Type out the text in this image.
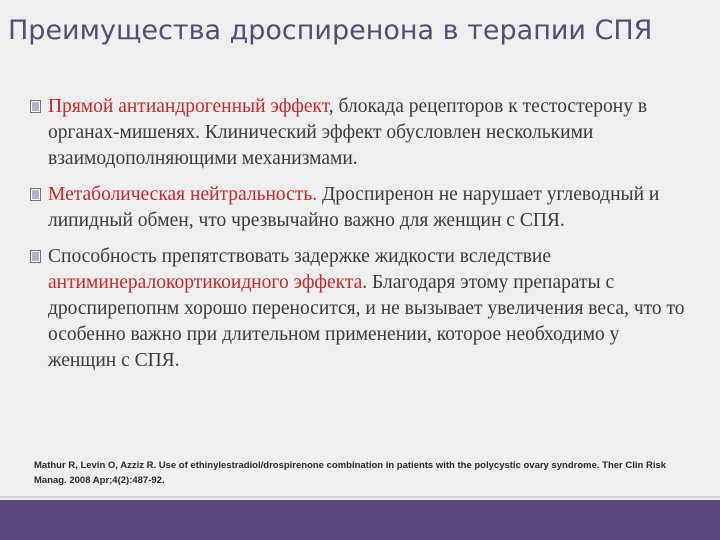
Преимущества дроспиренона в терапии СПЯ
Прямой антиандрогенный эффект, блокада рецепторов к тестостерону в органах-мишенях. Клинический эффект обусловлен несколькими взаимодополняющими механизмами.
Метаболическая нейтральность. Дроспиренон не нарушает углеводный и липидный обмен, что чрезвычайно важно для женщин с СПЯ.
Способность препятствовать задержке жидкости вследствие антиминералокортикоидного эффекта. Благодаря этому препараты с дроспирепопнм хорошо переносится, и не вызывает увеличения веса, что то особенно важно при длительном применении, которое необходимо у женщин с СПЯ.
Mathur R, Levin O, Azziz R. Use of ethinylestradiol/drospirenone combination in patients with the polycystic ovary syndrome. Ther Clin Risk Manag. 2008 Apr;4(2):487-92.
